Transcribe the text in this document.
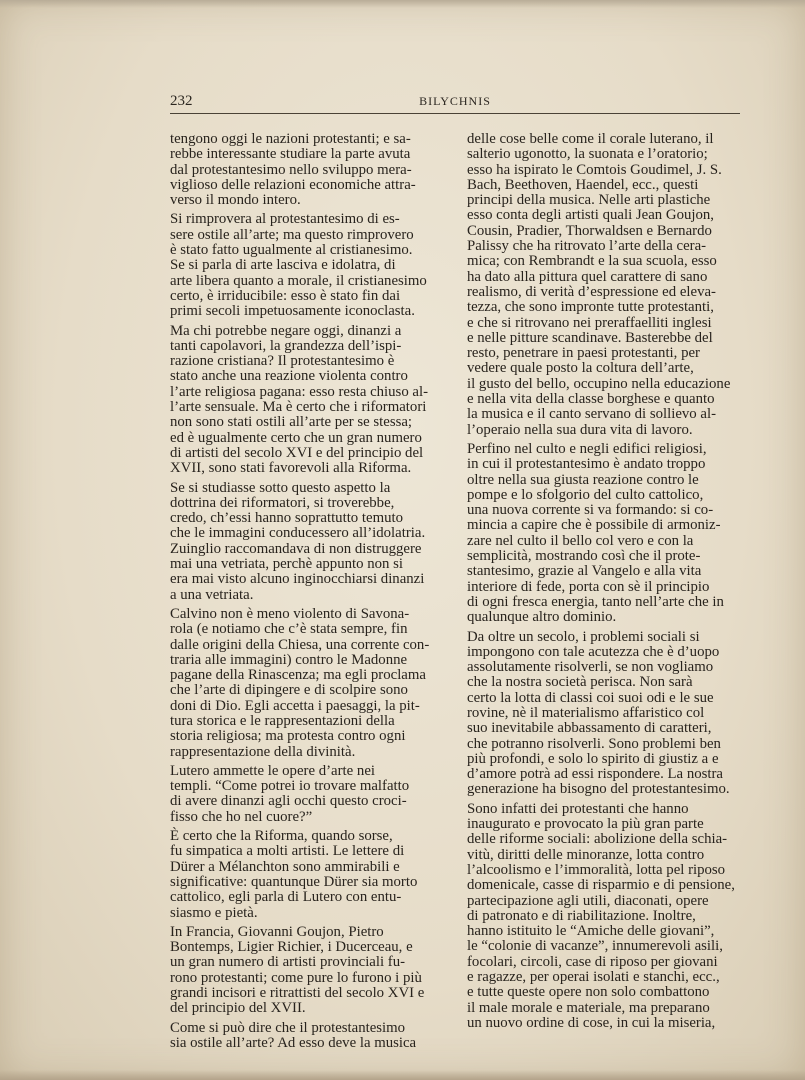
232	BILYCHNIS
tengono oggi le nazioni protestanti; e sa-
rebbe interessante studiare la parte avuta
dal protestantesimo nello sviluppo mera-
viglioso delle relazioni economiche attra-
verso il mondo intero.
Si rimprovera al protestantesimo di es-
sere ostile all’arte; ma questo rimprovero
è stato fatto ugualmente al cristianesimo.
Se si parla di arte lasciva e idolatra, di
arte libera quanto a morale, il cristianesimo
certo, è irriducibile: esso è stato fin dai
primi secoli impetuosamente iconoclasta.
Ma chi potrebbe negare oggi, dinanzi a
tanti capolavori, la grandezza dell’ispi-
razione cristiana? Il protestantesimo è
stato anche una reazione violenta contro
l’arte religiosa pagana: esso resta chiuso al-
l’arte sensuale. Ma è certo che i riformatori
non sono stati ostili all’arte per se stessa;
ed è ugualmente certo che un gran numero
di artisti del secolo XVI e del principio del
XVII, sono stati favorevoli alla Riforma.
Se si studiasse sotto questo aspetto la
dottrina dei riformatori, si troverebbe,
credo, ch’essi hanno soprattutto temuto
che le immagini conducessero all’idolatria.
Zuinglio raccomandava di non distruggere
mai una vetriata, perchè appunto non si
era mai visto alcuno inginocchiarsi dinanzi
a una vetriata.
Calvino non è meno violento di Savona-
rola (e notiamo che c’è stata sempre, fin
dalle origini della Chiesa, una corrente con-
traria alle immagini) contro le Madonne
pagane della Rinascenza; ma egli proclama
che l’arte di dipingere e di scolpire sono
doni di Dio. Egli accetta i paesaggi, la pit-
tura storica e le rappresentazioni della
storia religiosa; ma protesta contro ogni
rappresentazione della divinità.
Lutero ammette le opere d’arte nei
templi. “Come potrei io trovare malfatto
di avere dinanzi agli occhi questo croci-
fisso che ho nel cuore?”
È certo che la Riforma, quando sorse,
fu simpatica a molti artisti. Le lettere di
Dürer a Mélanchton sono ammirabili e
significative: quantunque Dürer sia morto
cattolico, egli parla di Lutero con entu-
siasmo e pietà.
In Francia, Giovanni Goujon, Pietro
Bontemps, Ligier Richier, i Ducerceau, e
un gran numero di artisti provinciali fu-
rono protestanti; come pure lo furono i più
grandi incisori e ritrattisti del secolo XVI e
del principio del XVII.
Come si può dire che il protestantesimo
sia ostile all’arte? Ad esso deve la musica
delle cose belle come il corale luterano, il
salterio ugonotto, la suonata e l’oratorio;
esso ha ispirato le Comtois Goudimel, J. S.
Bach, Beethoven, Haendel, ecc., questi
principi della musica. Nelle arti plastiche
esso conta degli artisti quali Jean Goujon,
Cousin, Pradier, Thorwaldsen e Bernardo
Palissy che ha ritrovato l’arte della cera-
mica; con Rembrandt e la sua scuola, esso
ha dato alla pittura quel carattere di sano
realismo, di verità d’espressione ed eleva-
tezza, che sono impronte tutte protestanti,
e che si ritrovano nei preraffaelliti inglesi
e nelle pitture scandinave. Basterebbe del
resto, penetrare in paesi protestanti, per
vedere quale posto la coltura dell’arte,
il gusto del bello, occupino nella educazione
e nella vita della classe borghese e quanto
la musica e il canto servano di sollievo al-
l’operaio nella sua dura vita di lavoro.
Perfino nel culto e negli edifici religiosi,
in cui il protestantesimo è andato troppo
oltre nella sua giusta reazione contro le
pompe e lo sfolgorio del culto cattolico,
una nuova corrente si va formando: si co-
mincia a capire che è possibile di armoniz-
zare nel culto il bello col vero e con la
semplicità, mostrando così che il prote-
stantesimo, grazie al Vangelo e alla vita
interiore di fede, porta con sè il principio
di ogni fresca energia, tanto nell’arte che in
qualunque altro dominio.
Da oltre un secolo, i problemi sociali si
impongono con tale acutezza che è d’uopo
assolutamente risolverli, se non vogliamo
che la nostra società perisca. Non sarà
certo la lotta di classi coi suoi odi e le sue
rovine, nè il materialismo affaristico col
suo inevitabile abbassamento di caratteri,
che potranno risolverli. Sono problemi ben
più profondi, e solo lo spirito di giustiz a e
d’amore potrà ad essi rispondere. La nostra
generazione ha bisogno del protestantesimo.
Sono infatti dei protestanti che hanno
inaugurato e provocato la più gran parte
delle riforme sociali: abolizione della schia-
vitù, diritti delle minoranze, lotta contro
l’alcoolismo e l’immoralità, lotta pel riposo
domenicale, casse di risparmio e di pensione,
partecipazione agli utili, diaconati, opere
di patronato e di riabilitazione. Inoltre,
hanno istituito le “Amiche delle giovani”,
le “colonie di vacanze”, innumerevoli asili,
focolari, circoli, case di riposo per giovani
e ragazze, per operai isolati e stanchi, ecc.,
e tutte queste opere non solo combattono
il male morale e materiale, ma preparano
un nuovo ordine di cose, in cui la miseria,
